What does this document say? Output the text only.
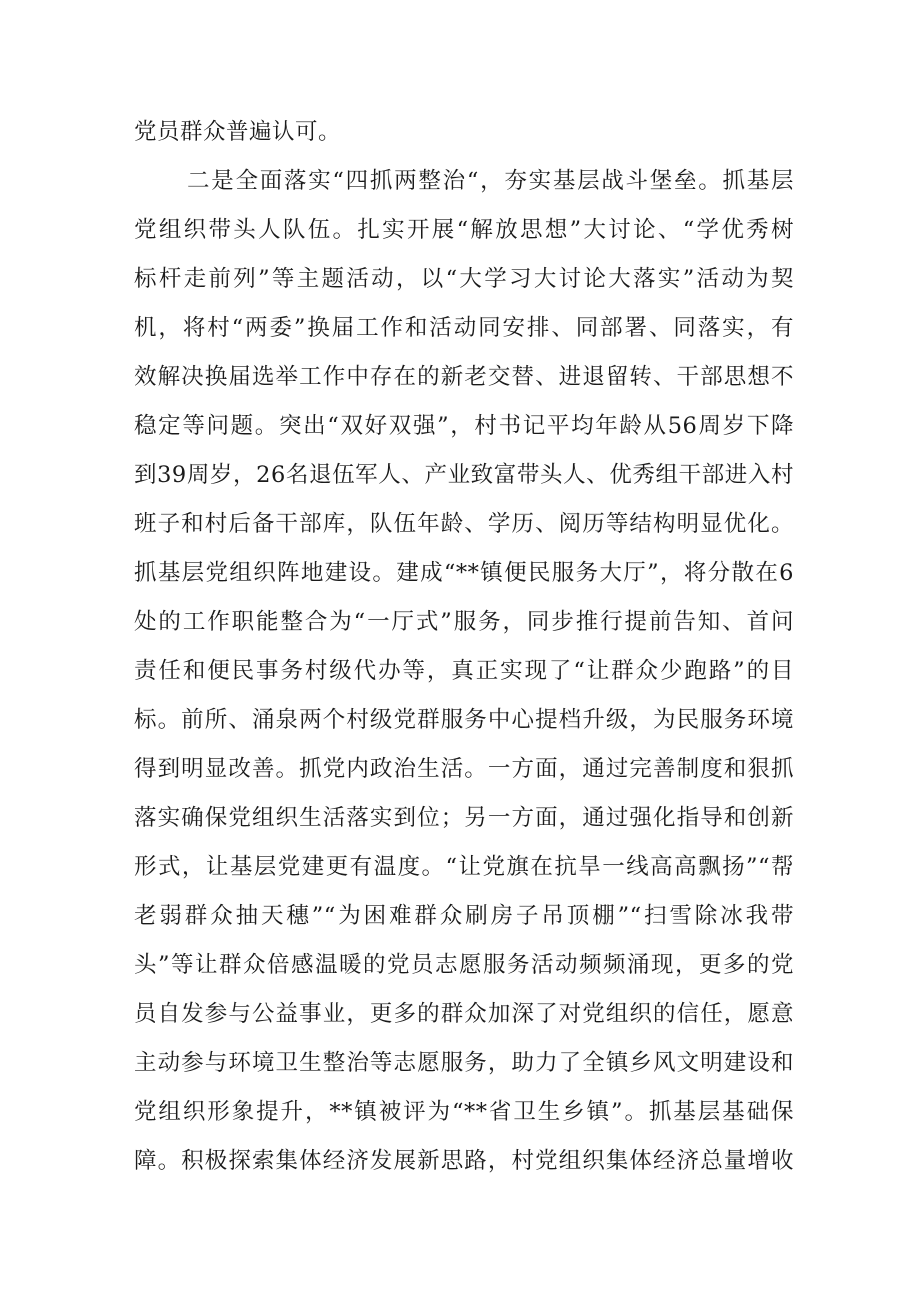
党员群众普遍认可。
二是全面落实“四抓两整治“，夯实基层战斗堡垒。抓基层
党组织带头人队伍。扎实开展“解放思想”大讨论、“学优秀树
标杆走前列”等主题活动，以“大学习大讨论大落实”活动为契
机，将村“两委”换届工作和活动同安排、同部署、同落实，有
效解决换届选举工作中存在的新老交替、进退留转、干部思想不
稳定等问题。突出“双好双强”，村书记平均年龄从56周岁下降
到39周岁，26名退伍军人、产业致富带头人、优秀组干部进入村
班子和村后备干部库，队伍年龄、学历、阅历等结构明显优化。
抓基层党组织阵地建设。建成“**镇便民服务大厅”，将分散在6
处的工作职能整合为“一厅式”服务，同步推行提前告知、首问
责任和便民事务村级代办等，真正实现了“让群众少跑路”的目
标。前所、涌泉两个村级党群服务中心提档升级，为民服务环境
得到明显改善。抓党内政治生活。一方面，通过完善制度和狠抓
落实确保党组织生活落实到位；另一方面，通过强化指导和创新
形式，让基层党建更有温度。“让党旗在抗旱一线高高飘扬”“帮
老弱群众抽天穗”“为困难群众刷房子吊顶棚”“扫雪除冰我带
头”等让群众倍感温暖的党员志愿服务活动频频涌现，更多的党
员自发参与公益事业，更多的群众加深了对党组织的信任，愿意
主动参与环境卫生整治等志愿服务，助力了全镇乡风文明建设和
党组织形象提升，**镇被评为“**省卫生乡镇”。抓基层基础保
障。积极探索集体经济发展新思路，村党组织集体经济总量增收
